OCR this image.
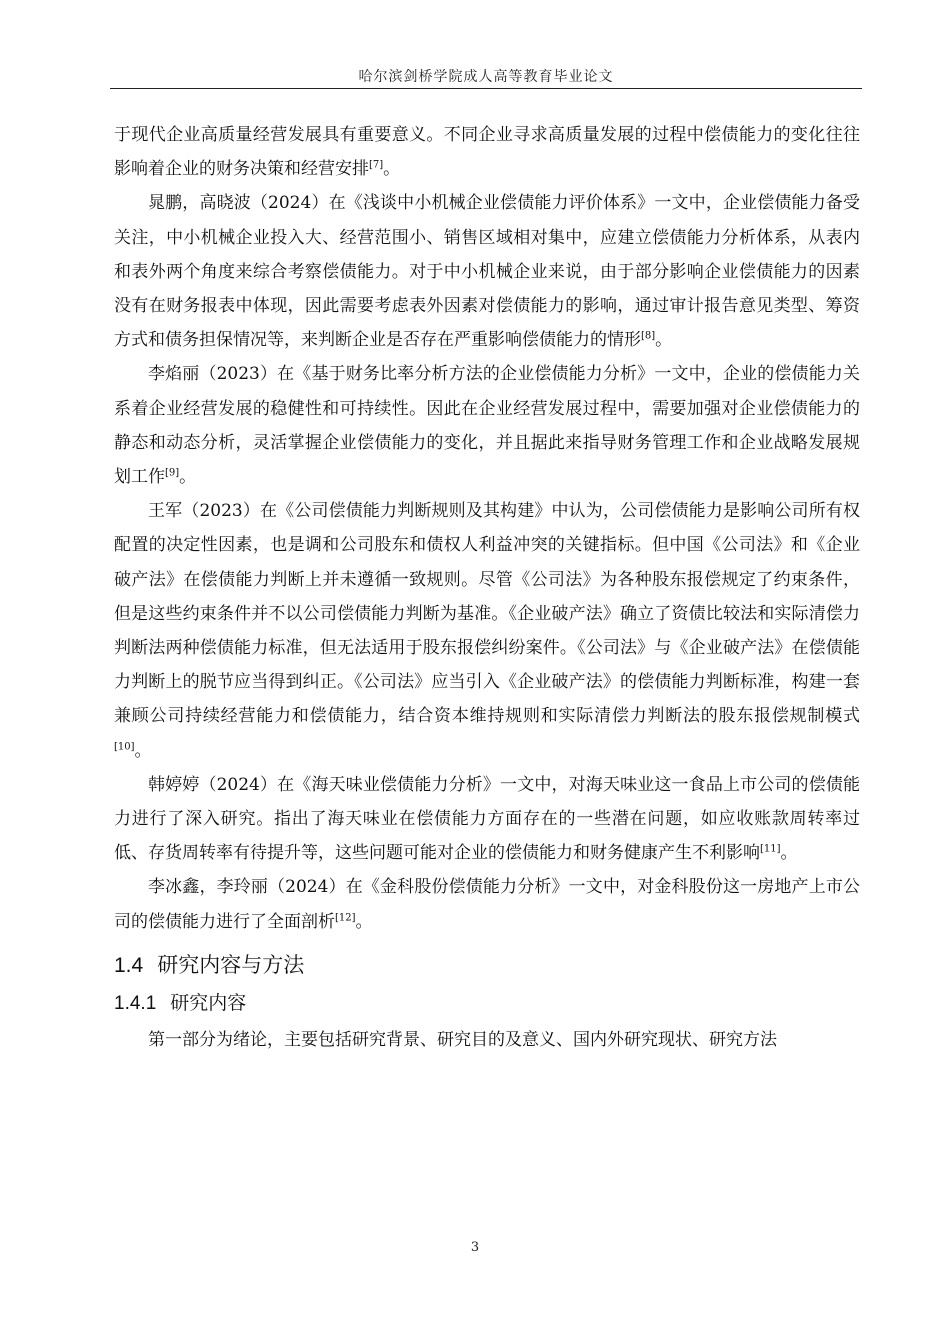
哈尔滨剑桥学院成人高等教育毕业论文

于现代企业高质量经营发展具有重要意义。不同企业寻求高质量发展的过程中偿债能力的变化往往影响着企业的财务决策和经营安排[7]。

晁鹏，高晓波（2024）在《浅谈中小机械企业偿债能力评价体系》一文中，企业偿债能力备受关注，中小机械企业投入大、经营范围小、销售区域相对集中，应建立偿债能力分析体系，从表内和表外两个角度来综合考察偿债能力。对于中小机械企业来说，由于部分影响企业偿债能力的因素没有在财务报表中体现，因此需要考虑表外因素对偿债能力的影响，通过审计报告意见类型、筹资方式和债务担保情况等，来判断企业是否存在严重影响偿债能力的情形[8]。

李焰丽（2023）在《基于财务比率分析方法的企业偿债能力分析》一文中，企业的偿债能力关系着企业经营发展的稳健性和可持续性。因此在企业经营发展过程中，需要加强对企业偿债能力的静态和动态分析，灵活掌握企业偿债能力的变化，并且据此来指导财务管理工作和企业战略发展规划工作[9]。

王军（2023）在《公司偿债能力判断规则及其构建》中认为，公司偿债能力是影响公司所有权配置的决定性因素，也是调和公司股东和债权人利益冲突的关键指标。但中国《公司法》和《企业破产法》在偿债能力判断上并未遵循一致规则。尽管《公司法》为各种股东报偿规定了约束条件，但是这些约束条件并不以公司偿债能力判断为基准。《企业破产法》确立了资债比较法和实际清偿力判断法两种偿债能力标准，但无法适用于股东报偿纠纷案件。《公司法》与《企业破产法》在偿债能力判断上的脱节应当得到纠正。《公司法》应当引入《企业破产法》的偿债能力判断标准，构建一套兼顾公司持续经营能力和偿债能力，结合资本维持规则和实际清偿力判断法的股东报偿规制模式[10]。

韩婷婷（2024）在《海天味业偿债能力分析》一文中，对海天味业这一食品上市公司的偿债能力进行了深入研究。指出了海天味业在偿债能力方面存在的一些潜在问题，如应收账款周转率过低、存货周转率有待提升等，这些问题可能对企业的偿债能力和财务健康产生不利影响[11]。

李冰鑫，李玲丽（2024）在《金科股份偿债能力分析》一文中，对金科股份这一房地产上市公司的偿债能力进行了全面剖析[12]。

1.4 研究内容与方法
1.4.1 研究内容

第一部分为绪论，主要包括研究背景、研究目的及意义、国内外研究现状、研究方法

3
